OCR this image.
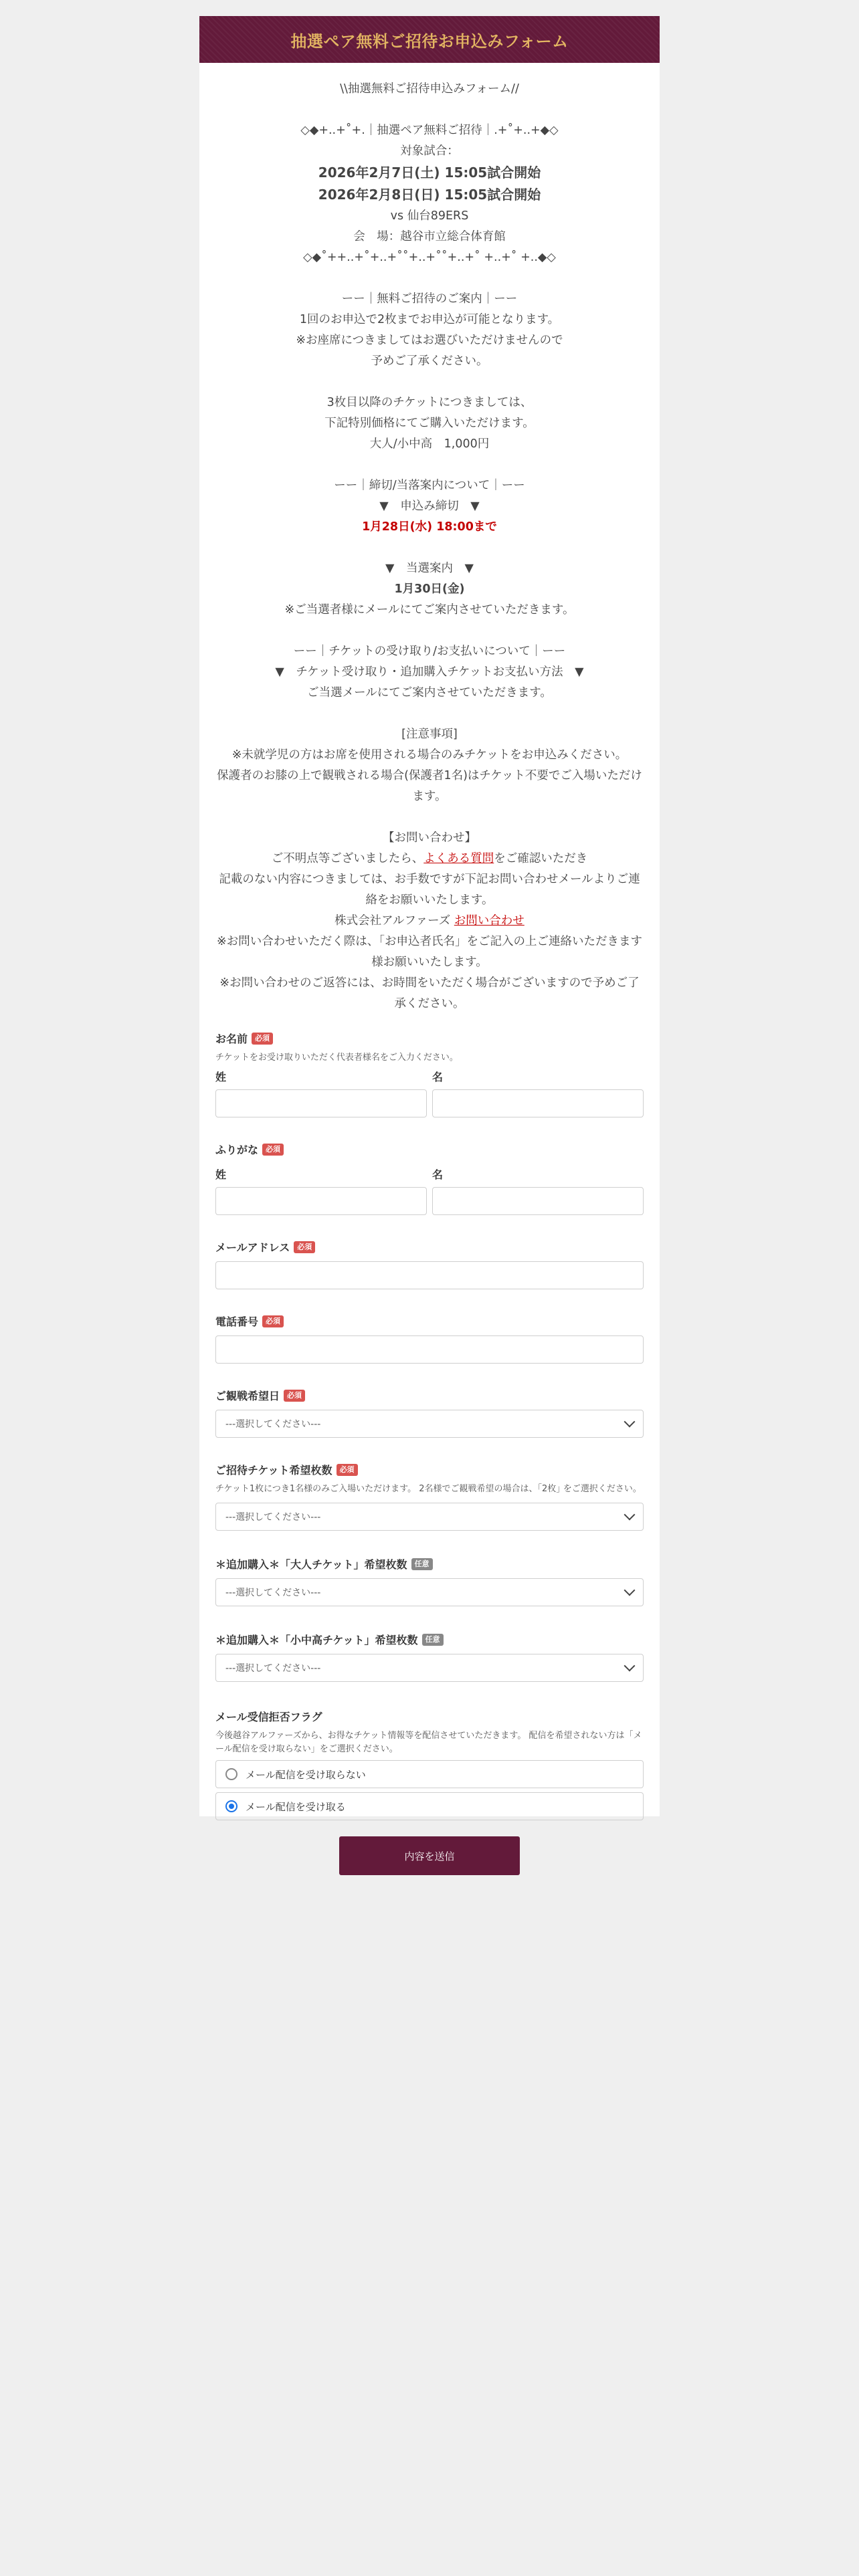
抽選ペア無料ご招待お申込みフォーム
\\抽選無料ご招待申込みフォーム//
◇◆+..+˚+.｜抽選ペア無料ご招待｜.+˚+..+◆◇
対象試合：
2026年2月7日(土) 15:05試合開始
2026年2月8日(日) 15:05試合開始
vs 仙台89ERS
会　場：越谷市立総合体育館
◇◆˚++..+˚+..+˚˚+..+˚˚+..+˚ +..+˚ +..◆◇
ーー｜無料ご招待のご案内｜ーー
1回のお申込で2枚までお申込が可能となります。
※お座席につきましてはお選びいただけませんので
予めご了承ください。
3枚目以降のチケットにつきましては、
下記特別価格にてご購入いただけます。
大人/小中高　1,000円
ーー｜締切/当落案内について｜ーー
▼　申込み締切　▼
1月28日(水) 18:00まで
▼　当選案内　▼
1月30日(金)
※ご当選者様にメールにてご案内させていただきます。
ーー｜チケットの受け取り/お支払いについて｜ーー
▼　チケット受け取り・追加購入チケットお支払い方法　▼
ご当選メールにてご案内させていただきます。
[注意事項]
※未就学児の方はお席を使用される場合のみチケットをお申込みください。
保護者のお膝の上で観戦される場合(保護者1名)はチケット不要でご入場いただけます。
【お問い合わせ】
ご不明点等ございましたら、よくある質問をご確認いただき
記載のない内容につきましては、お手数ですが下記お問い合わせメールよりご連絡をお願いいたします。
株式会社アルファーズ お問い合わせ
※お問い合わせいただく際は、「お申込者氏名」をご記入の上ご連絡いただきます様お願いいたします。
※お問い合わせのご返答には、お時間をいただく場合がございますので予めご了承ください。
お名前	必須
チケットをお受け取りいただく代表者様名をご入力ください。
姓	名
ふりがな	必須
姓	名
メールアドレス	必須
電話番号	必須
ご観戦希望日	必須
---選択してください---
ご招待チケット希望枚数	必須
チケット1枚につき1名様のみご入場いただけます。 2名様でご観戦希望の場合は、｢2枚｣ をご選択ください。
---選択してください---
＊追加購入＊「大人チケット」希望枚数	任意
---選択してください---
＊追加購入＊「小中高チケット」希望枚数	任意
---選択してください---
メール受信拒否フラグ
今後越谷アルファーズから、お得なチケット情報等を配信させていただきます。 配信を希望されない方は「メール配信を受け取らない」をご選択ください。
メール配信を受け取らない
メール配信を受け取る
内容を送信
